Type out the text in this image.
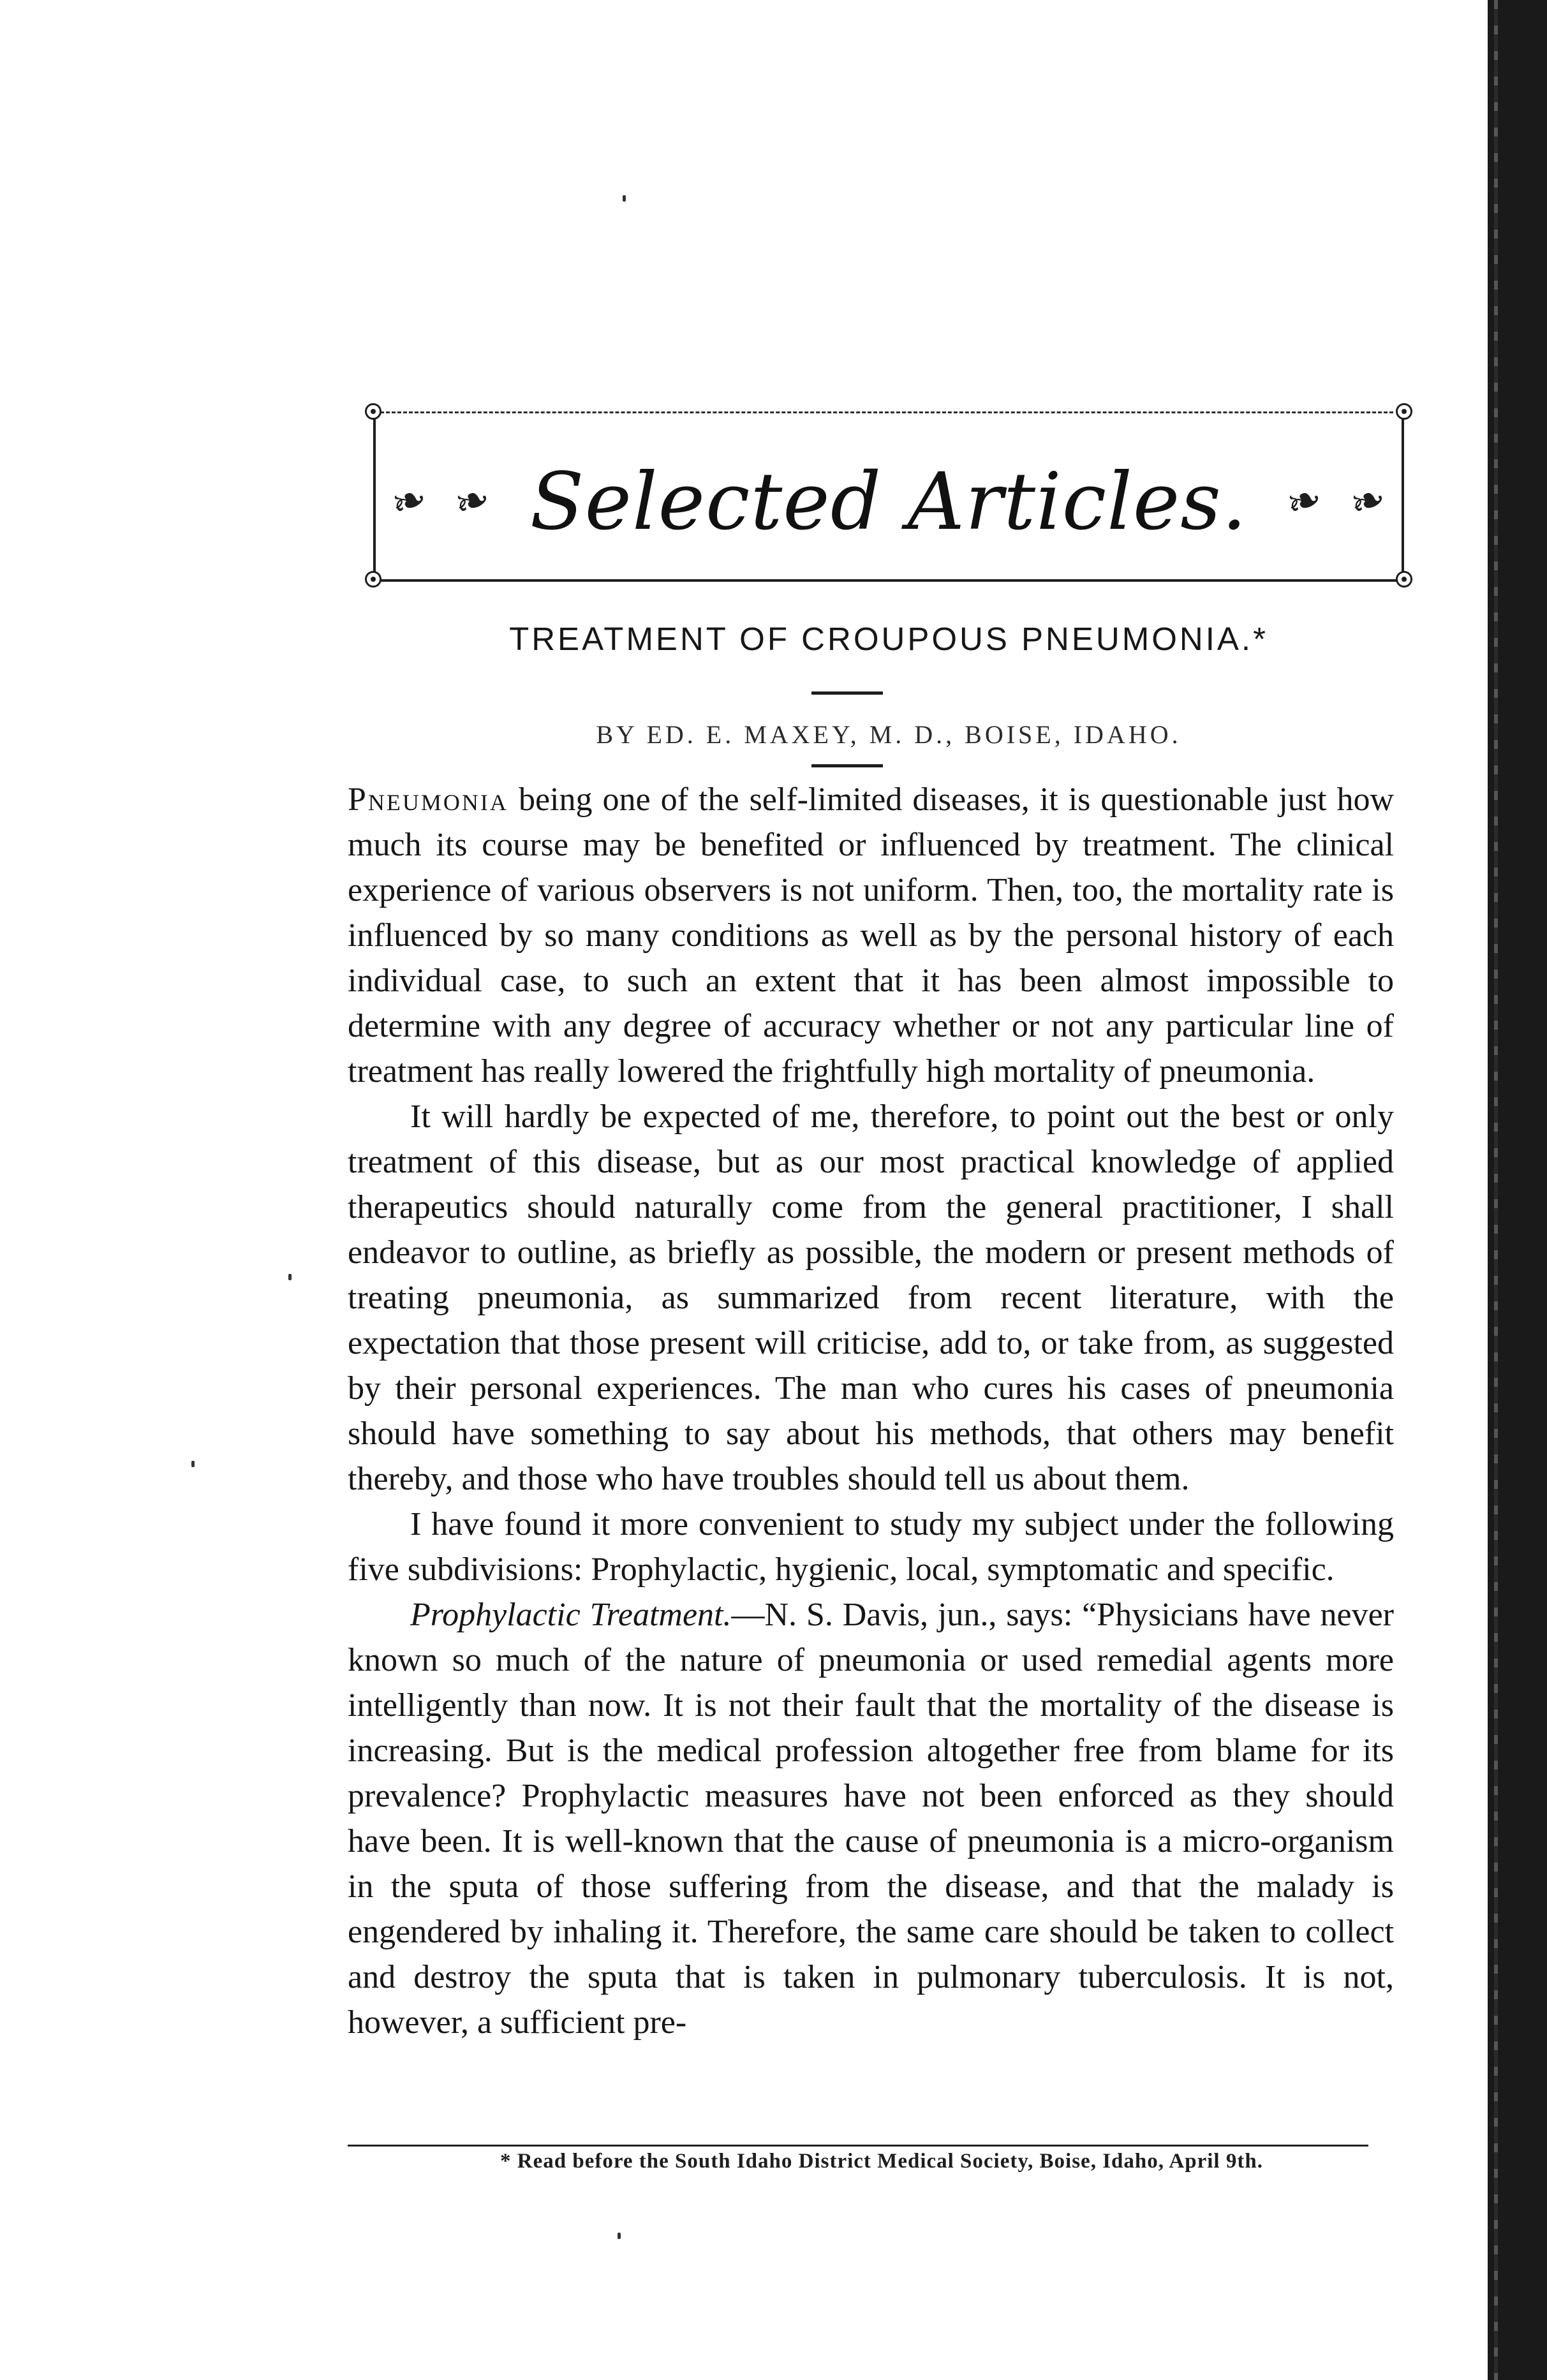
❧ ❧ Selected Articles. ❧ ❧
TREATMENT OF CROUPOUS PNEUMONIA.*
BY ED. E. MAXEY, M. D., BOISE, IDAHO.

Pneumonia being one of the self-limited diseases, it is questionable just how much its course may be benefited or influenced by treatment. The clinical experience of various observers is not uniform. Then, too, the mortality rate is influenced by so many conditions as well as by the personal history of each individual case, to such an extent that it has been almost impossible to determine with any degree of accuracy whether or not any particular line of treatment has really lowered the frightfully high mortality of pneumonia.

It will hardly be expected of me, therefore, to point out the best or only treatment of this disease, but as our most practical knowledge of applied therapeutics should naturally come from the general practitioner, I shall endeavor to outline, as briefly as possible, the modern or present methods of treating pneumonia, as summarized from recent literature, with the expectation that those present will criticise, add to, or take from, as suggested by their personal experiences. The man who cures his cases of pneumonia should have something to say about his methods, that others may benefit thereby, and those who have troubles should tell us about them.

I have found it more convenient to study my subject under the following five subdivisions: Prophylactic, hygienic, local, symptomatic and specific.

Prophylactic Treatment.—N. S. Davis, jun., says: “Physicians have never known so much of the nature of pneumonia or used remedial agents more intelligently than now. It is not their fault that the mortality of the disease is increasing. But is the medical profession altogether free from blame for its prevalence? Prophylactic measures have not been enforced as they should have been. It is well-known that the cause of pneumonia is a micro-organism in the sputa of those suffering from the disease, and that the malady is engendered by inhaling it. Therefore, the same care should be taken to collect and destroy the sputa that is taken in pulmonary tuberculosis. It is not, however, a sufficient pre-

* Read before the South Idaho District Medical Society, Boise, Idaho, April 9th.
